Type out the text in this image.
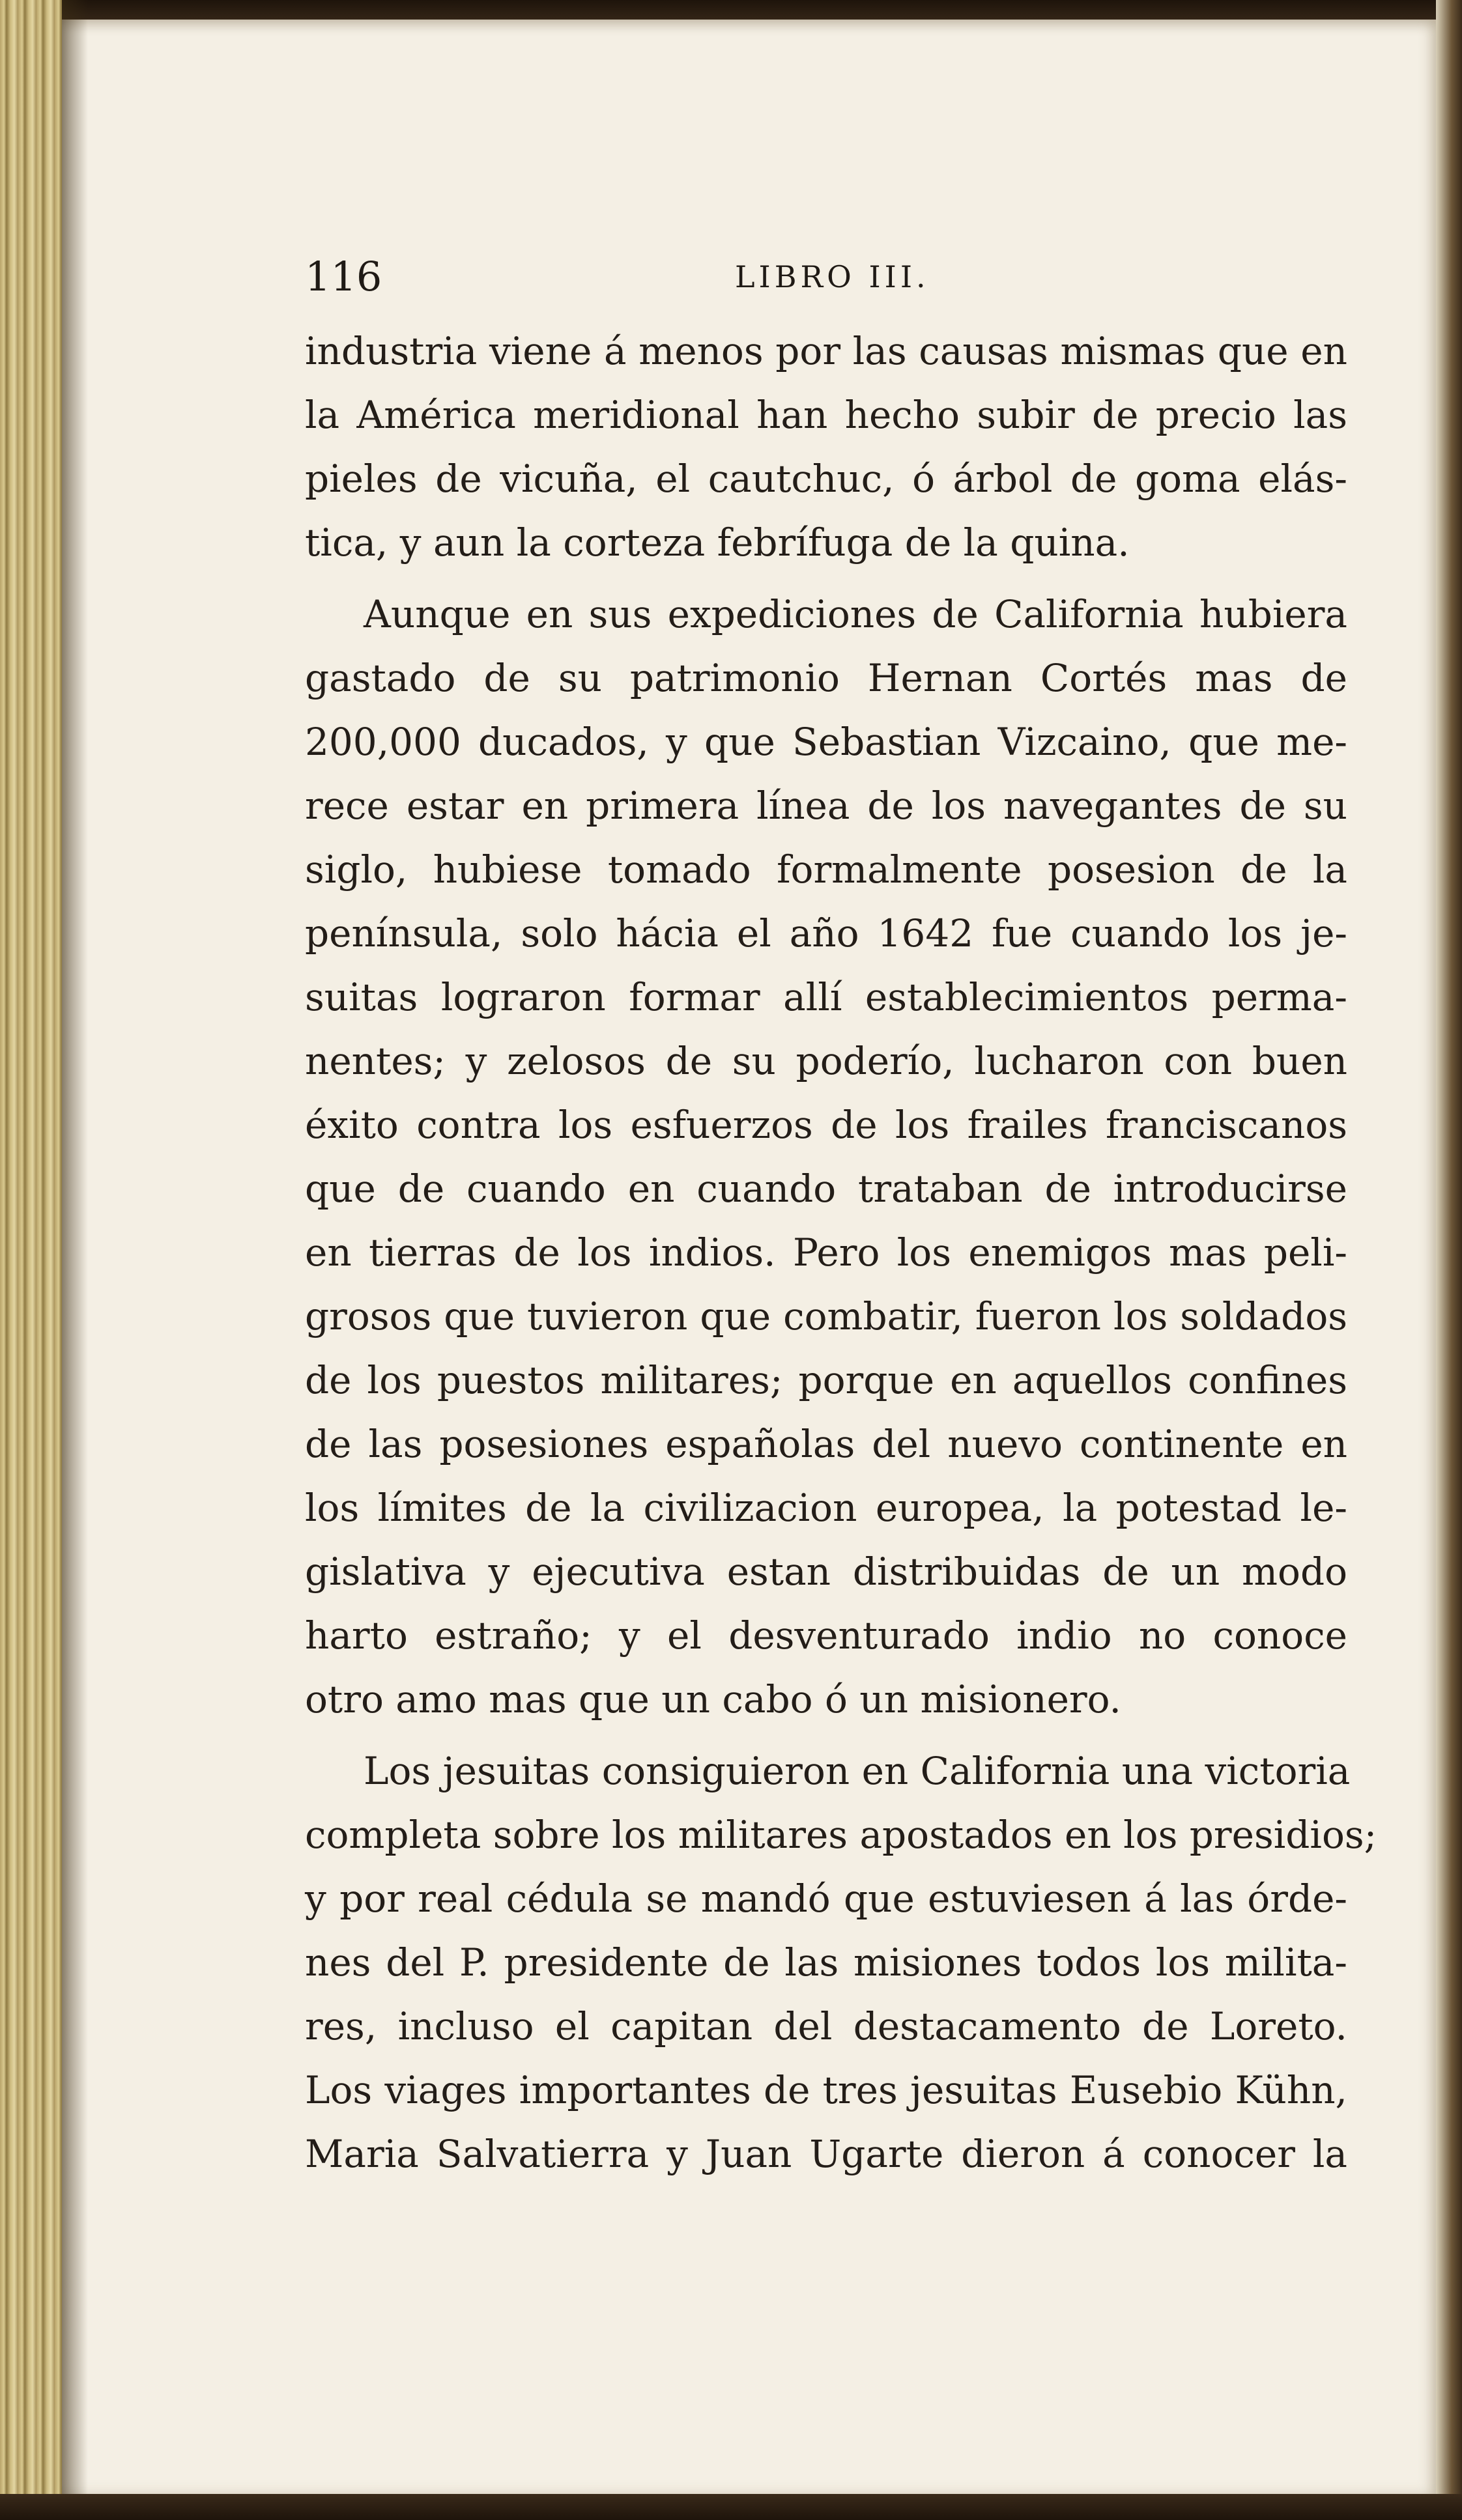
116	LIBRO III.
industria viene á menos por las causas mismas que en
la América meridional han hecho subir de precio las
pieles de vicuña, el cautchuc, ó árbol de goma elás-
tica, y aun la corteza febrífuga de la quina.
Aunque en sus expediciones de California hubiera
gastado de su patrimonio Hernan Cortés mas de
200,000 ducados, y que Sebastian Vizcaino, que me-
rece estar en primera línea de los navegantes de su
siglo, hubiese tomado formalmente posesion de la
península, solo hácia el año 1642 fue cuando los je-
suitas lograron formar allí establecimientos perma-
nentes; y zelosos de su poderío, lucharon con buen
éxito contra los esfuerzos de los frailes franciscanos
que de cuando en cuando trataban de introducirse
en tierras de los indios. Pero los enemigos mas peli-
grosos que tuvieron que combatir, fueron los soldados
de los puestos militares; porque en aquellos confines
de las posesiones españolas del nuevo continente en
los límites de la civilizacion europea, la potestad le-
gislativa y ejecutiva estan distribuidas de un modo
harto estraño; y el desventurado indio no conoce
otro amo mas que un cabo ó un misionero.
Los jesuitas consiguieron en California una victoria
completa sobre los militares apostados en los presidios;
y por real cédula se mandó que estuviesen á las órde-
nes del P. presidente de las misiones todos los milita-
res, incluso el capitan del destacamento de Loreto.
Los viages importantes de tres jesuitas Eusebio Kühn,
Maria Salvatierra y Juan Ugarte dieron á conocer la
